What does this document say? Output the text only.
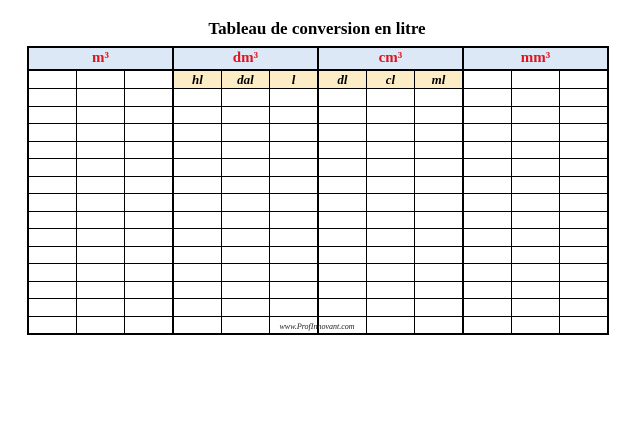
Tableau de conversion en litre
m³			dm³			cm³			mm³		
			hl	dal	l	dl	cl	ml			

www.ProfInnovant.com
